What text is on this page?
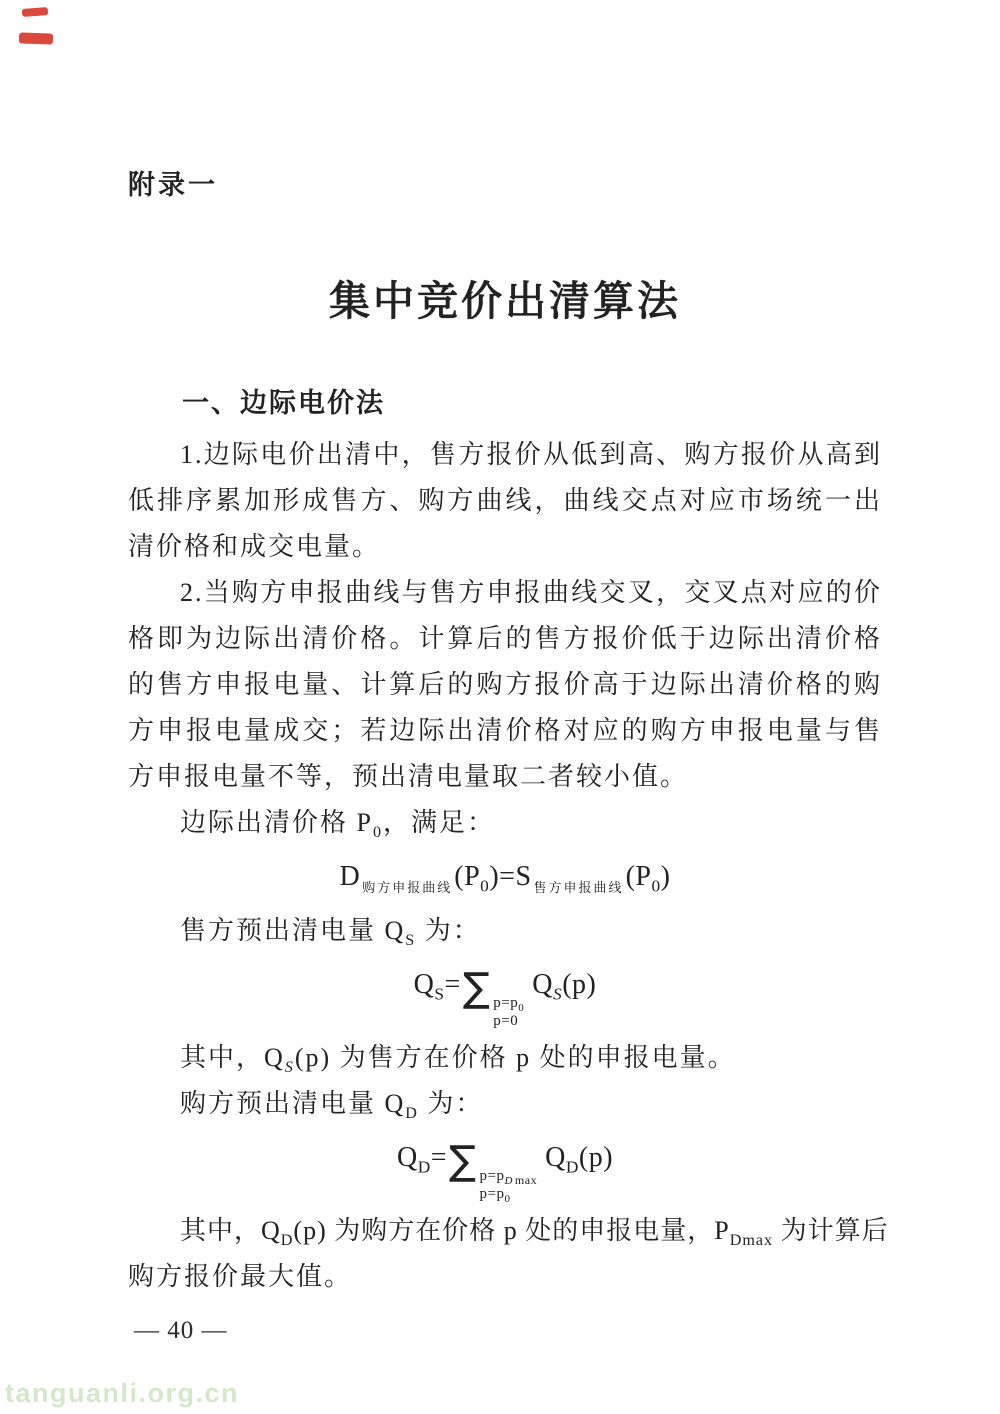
附录一

集中竞价出清算法
一、边际电价法

1.边际电价出清中，售方报价从低到高、购方报价从高到低排序累加形成售方、购方曲线，曲线交点对应市场统一出清价格和成交电量。

2.当购方申报曲线与售方申报曲线交叉，交叉点对应的价格即为边际出清价格。计算后的售方报价低于边际出清价格的售方申报电量、计算后的购方报价高于边际出清价格的购方申报电量成交；若边际出清价格对应的购方申报电量与售方申报电量不等，预出清电量取二者较小值。

边际出清价格 $P_0$，满足：

D $_{购方申报曲线}(P_0)=S$ $_{售方申报曲线}(P_0)$

售方预出清电量 $Q_S$ 为：

$Q_S=\sum$ $p=p_0$
p=0
$Q_S(p)$

其中，$Q_S(p)$ 为售方在价格 p 处的申报电量。

购方预出清电量 $Q_D$ 为：

$Q_D=\sum$ $p=p_{D max}$
$p=p_0$
$Q_D(p)$

其中，$Q_D(p)$ 为购方在价格 p 处的申报电量，$P_{Dmax}$ 为计算后

购方报价最大值。

— 40 —

tanguanli.org.cn
